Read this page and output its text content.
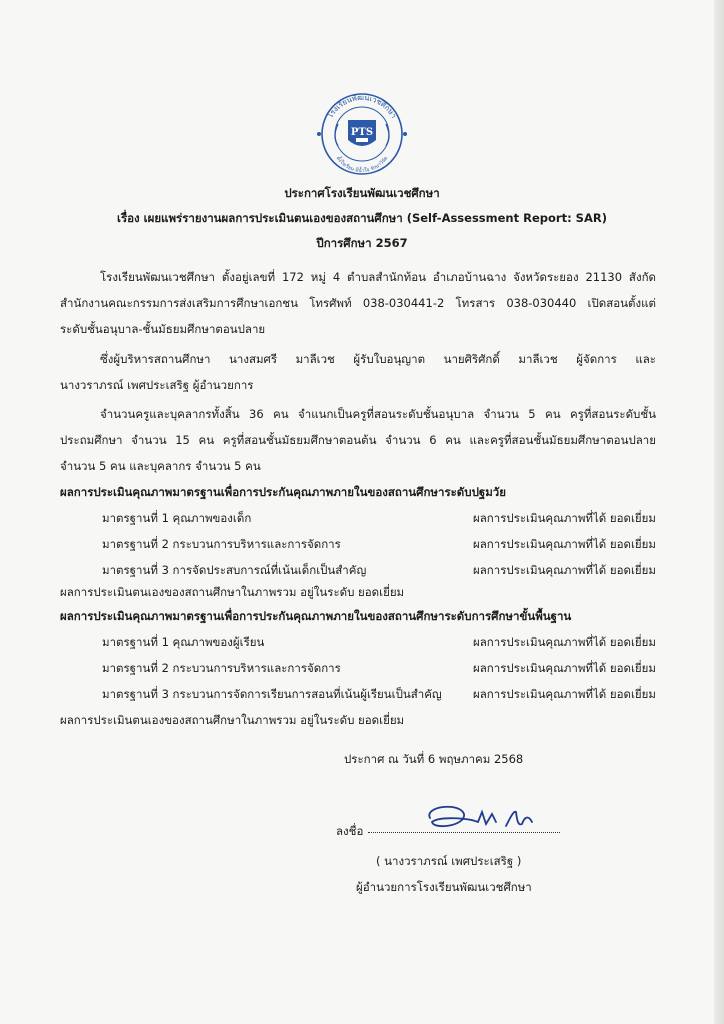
โรงเรียนพัฒนเวชศึกษา
ตั้งใจเรียน มีน้ำใจ รักษาวินัย
PTS
ประกาศโรงเรียนพัฒนเวชศึกษา
เรื่อง เผยแพร่รายงานผลการประเมินตนเองของสถานศึกษา (Self-Assessment Report: SAR)
ปีการศึกษา 2567
โรงเรียนพัฒนเวชศึกษา ตั้งอยู่เลขที่ 172 หมู่ 4 ตำบลสำนักท้อน อำเภอบ้านฉาง จังหวัดระยอง 21130 สังกัด
สำนักงานคณะกรรมการส่งเสริมการศึกษาเอกชน โทรศัพท์ 038-030441-2 โทรสาร 038-030440 เปิดสอนตั้งแต่
ระดับชั้นอนุบาล-ชั้นมัธยมศึกษาตอนปลาย
ซึ่งผู้บริหารสถานศึกษา นางสมศรี มาลีเวช ผู้รับใบอนุญาต นายศิริศักดิ์ มาลีเวช ผู้จัดการ และ
นางวราภรณ์ เพศประเสริฐ ผู้อำนวยการ
จำนวนครูและบุคลากรทั้งสิ้น 36 คน จำแนกเป็นครูที่สอนระดับชั้นอนุบาล จำนวน 5 คน ครูที่สอนระดับชั้น
ประถมศึกษา จำนวน 15 คน ครูที่สอนชั้นมัธยมศึกษาตอนต้น จำนวน 6 คน และครูที่สอนชั้นมัธยมศึกษาตอนปลาย
จำนวน 5 คน และบุคลากร จำนวน 5 คน
ผลการประเมินคุณภาพมาตรฐานเพื่อการประกันคุณภาพภายในของสถานศึกษาระดับปฐมวัย
มาตรฐานที่ 1 คุณภาพของเด็ก	ผลการประเมินคุณภาพที่ได้ ยอดเยี่ยม
มาตรฐานที่ 2 กระบวนการบริหารและการจัดการ	ผลการประเมินคุณภาพที่ได้ ยอดเยี่ยม
มาตรฐานที่ 3 การจัดประสบการณ์ที่เน้นเด็กเป็นสำคัญ	ผลการประเมินคุณภาพที่ได้ ยอดเยี่ยม
ผลการประเมินตนเองของสถานศึกษาในภาพรวม อยู่ในระดับ ยอดเยี่ยม
ผลการประเมินคุณภาพมาตรฐานเพื่อการประกันคุณภาพภายในของสถานศึกษาระดับการศึกษาขั้นพื้นฐาน
มาตรฐานที่ 1 คุณภาพของผู้เรียน	ผลการประเมินคุณภาพที่ได้ ยอดเยี่ยม
มาตรฐานที่ 2 กระบวนการบริหารและการจัดการ	ผลการประเมินคุณภาพที่ได้ ยอดเยี่ยม
มาตรฐานที่ 3 กระบวนการจัดการเรียนการสอนที่เน้นผู้เรียนเป็นสำคัญ	ผลการประเมินคุณภาพที่ได้ ยอดเยี่ยม
ผลการประเมินตนเองของสถานศึกษาในภาพรวม อยู่ในระดับ ยอดเยี่ยม
ประกาศ ณ วันที่ 6 พฤษภาคม 2568
ลงชื่อ
( นางวราภรณ์ เพศประเสริฐ )
ผู้อำนวยการโรงเรียนพัฒนเวชศึกษา
